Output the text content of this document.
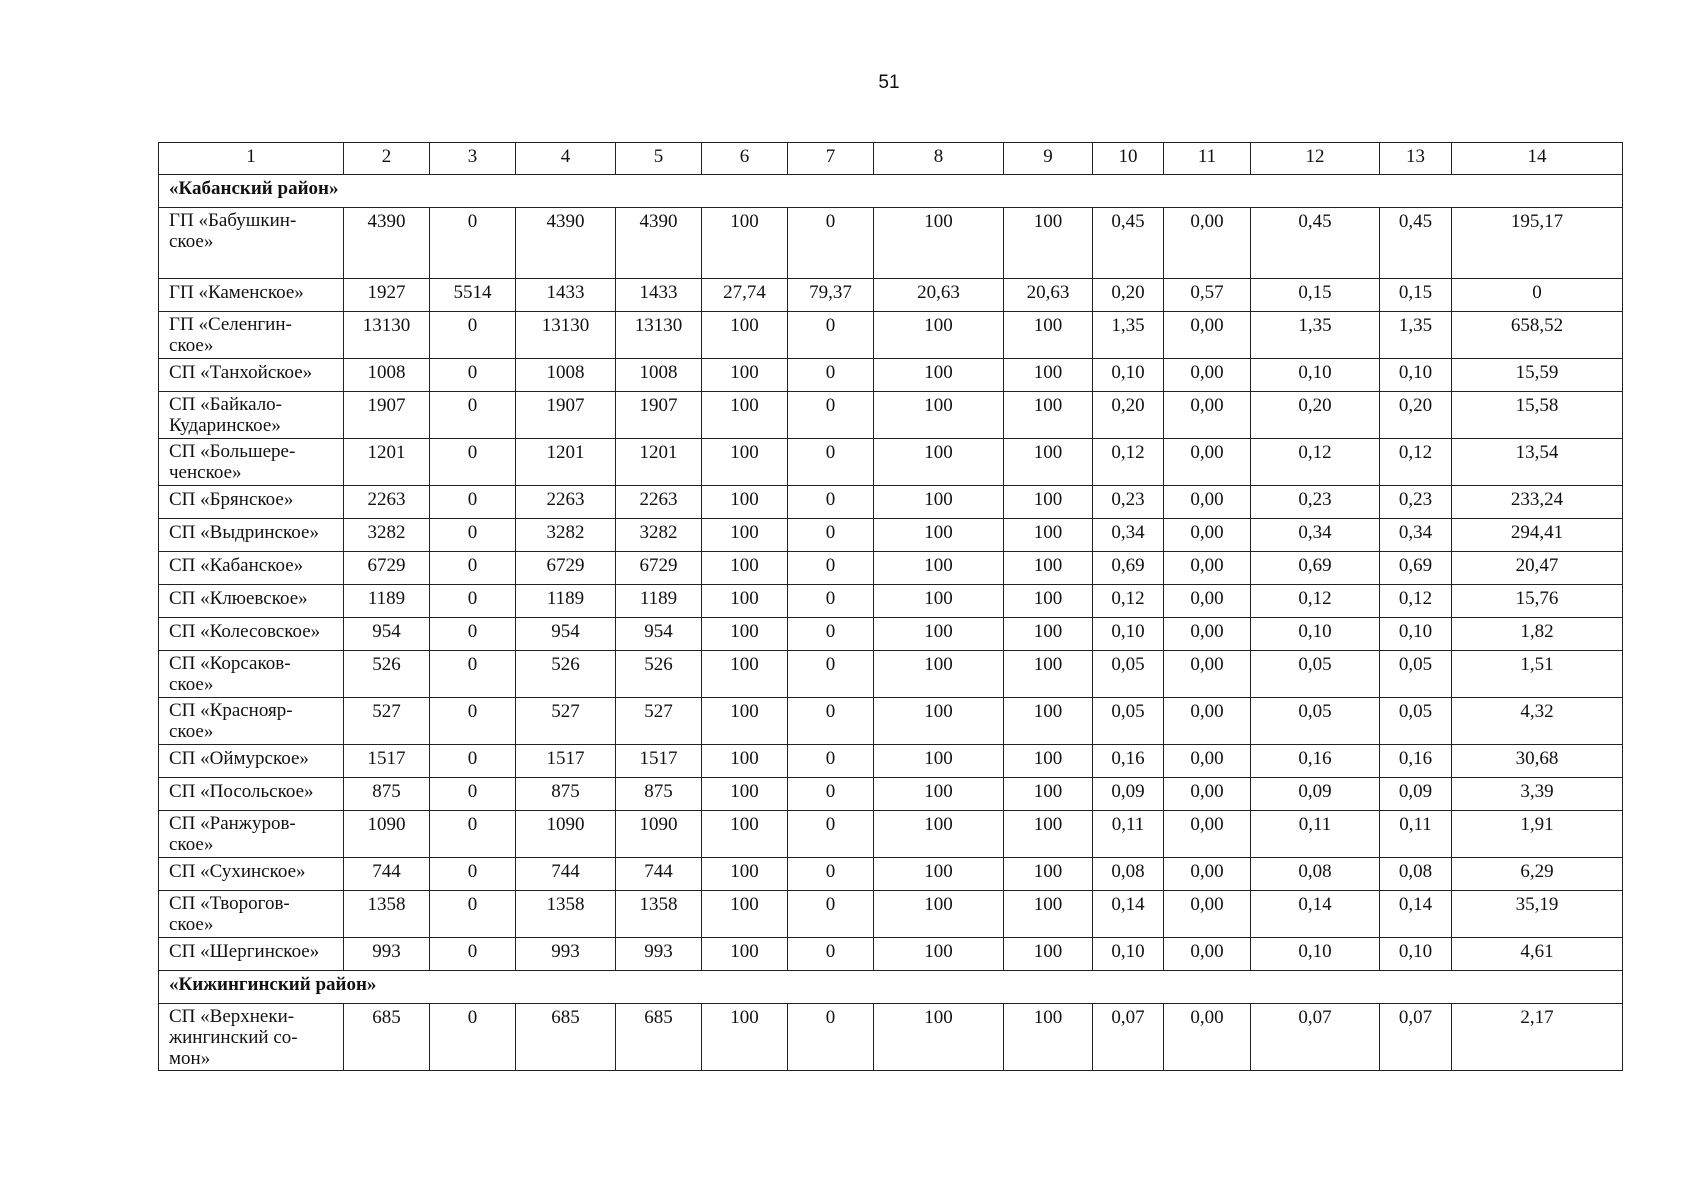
51
1	2	3	4	5	6	7	8	9	10	11	12	13	14
«Кабанский район»													
ГП «Бабушкин-
ское»	4390	0	4390	4390	100	0	100	100	0,45	0,00	0,45	0,45	195,17
ГП «Каменское»	1927	5514	1433	1433	27,74	79,37	20,63	20,63	0,20	0,57	0,15	0,15	0
ГП «Селенгин-
ское»	13130	0	13130	13130	100	0	100	100	1,35	0,00	1,35	1,35	658,52
СП «Танхойское»	1008	0	1008	1008	100	0	100	100	0,10	0,00	0,10	0,10	15,59
СП «Байкало-
Кударинское»	1907	0	1907	1907	100	0	100	100	0,20	0,00	0,20	0,20	15,58
СП «Большере-
ченское»	1201	0	1201	1201	100	0	100	100	0,12	0,00	0,12	0,12	13,54
СП «Брянское»	2263	0	2263	2263	100	0	100	100	0,23	0,00	0,23	0,23	233,24
СП «Выдринское»	3282	0	3282	3282	100	0	100	100	0,34	0,00	0,34	0,34	294,41
СП «Кабанское»	6729	0	6729	6729	100	0	100	100	0,69	0,00	0,69	0,69	20,47
СП «Клюевское»	1189	0	1189	1189	100	0	100	100	0,12	0,00	0,12	0,12	15,76
СП «Колесовское»	954	0	954	954	100	0	100	100	0,10	0,00	0,10	0,10	1,82
СП «Корсаков-
ское»	526	0	526	526	100	0	100	100	0,05	0,00	0,05	0,05	1,51
СП «Краснояр-
ское»	527	0	527	527	100	0	100	100	0,05	0,00	0,05	0,05	4,32
СП «Оймурское»	1517	0	1517	1517	100	0	100	100	0,16	0,00	0,16	0,16	30,68
СП «Посольское»	875	0	875	875	100	0	100	100	0,09	0,00	0,09	0,09	3,39
СП «Ранжуров-
ское»	1090	0	1090	1090	100	0	100	100	0,11	0,00	0,11	0,11	1,91
СП «Сухинское»	744	0	744	744	100	0	100	100	0,08	0,00	0,08	0,08	6,29
СП «Творогов-
ское»	1358	0	1358	1358	100	0	100	100	0,14	0,00	0,14	0,14	35,19
СП «Шергинское»	993	0	993	993	100	0	100	100	0,10	0,00	0,10	0,10	4,61
«Кижингинский район»													
СП «Верхнеки-
жингинский со-
мон»	685	0	685	685	100	0	100	100	0,07	0,00	0,07	0,07	2,17
